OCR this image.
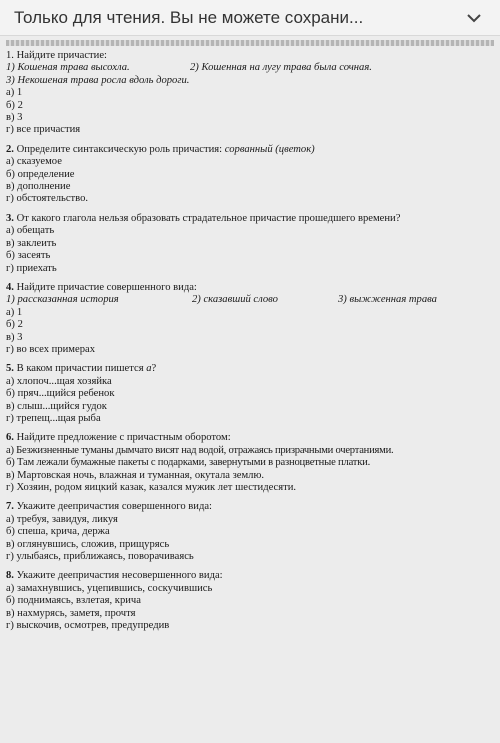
Только для чтения. Вы не можете сохрани...
1. Найдите причастие:
1) Кошеная трава высохла.	2) Кошенная на лугу трава была сочная.
3) Некошеная трава росла вдоль дороги.
а) 1
б) 2
в) 3
г) все причастия
2. Определите синтаксическую роль причастия: сорванный (цветок)
а) сказуемое
б) определение
в) дополнение
г) обстоятельство.
3. От какого глагола нельзя образовать страдательное причастие прошедшего времени?
а) обещать
в) заклеить
б) засеять
г) приехать
4. Найдите причастие совершенного вида:
1) рассказанная история	2) сказавший слово	3) выжженная трава
а) 1
б) 2
в) 3
г) во всех примерах
5. В каком причастии пишется а?
а) хлопоч...щая хозяйка
б) пряч...щийся ребенок
в) слыш...щийся гудок
г) трепещ...щая рыба
6. Найдите предложение с причастным оборотом:
а) Безжизненные туманы дымчато висят над водой, отражаясь призрачными очертаниями.
б) Там лежали бумажные пакеты с подарками, завернутыми в разноцветные платки.
в) Мартовская ночь, влажная и туманная, окутала землю.
г) Хозяин, родом яицкий казак, казался мужик лет шестидесяти.
7. Укажите деепричастия совершенного вида:
а) требуя, завидуя, ликуя
б) спеша, крича, держа
в) оглянувшись, сложив, прищурясь
г) улыбаясь, приближаясь, поворачиваясь
8. Укажите деепричастия несовершенного вида:
а) замахнувшись, уцепившись, соскучившись
б) поднимаясь, взлетая, крича
в) нахмурясь, заметя, прочтя
г) выскочив, осмотрев, предупредив
